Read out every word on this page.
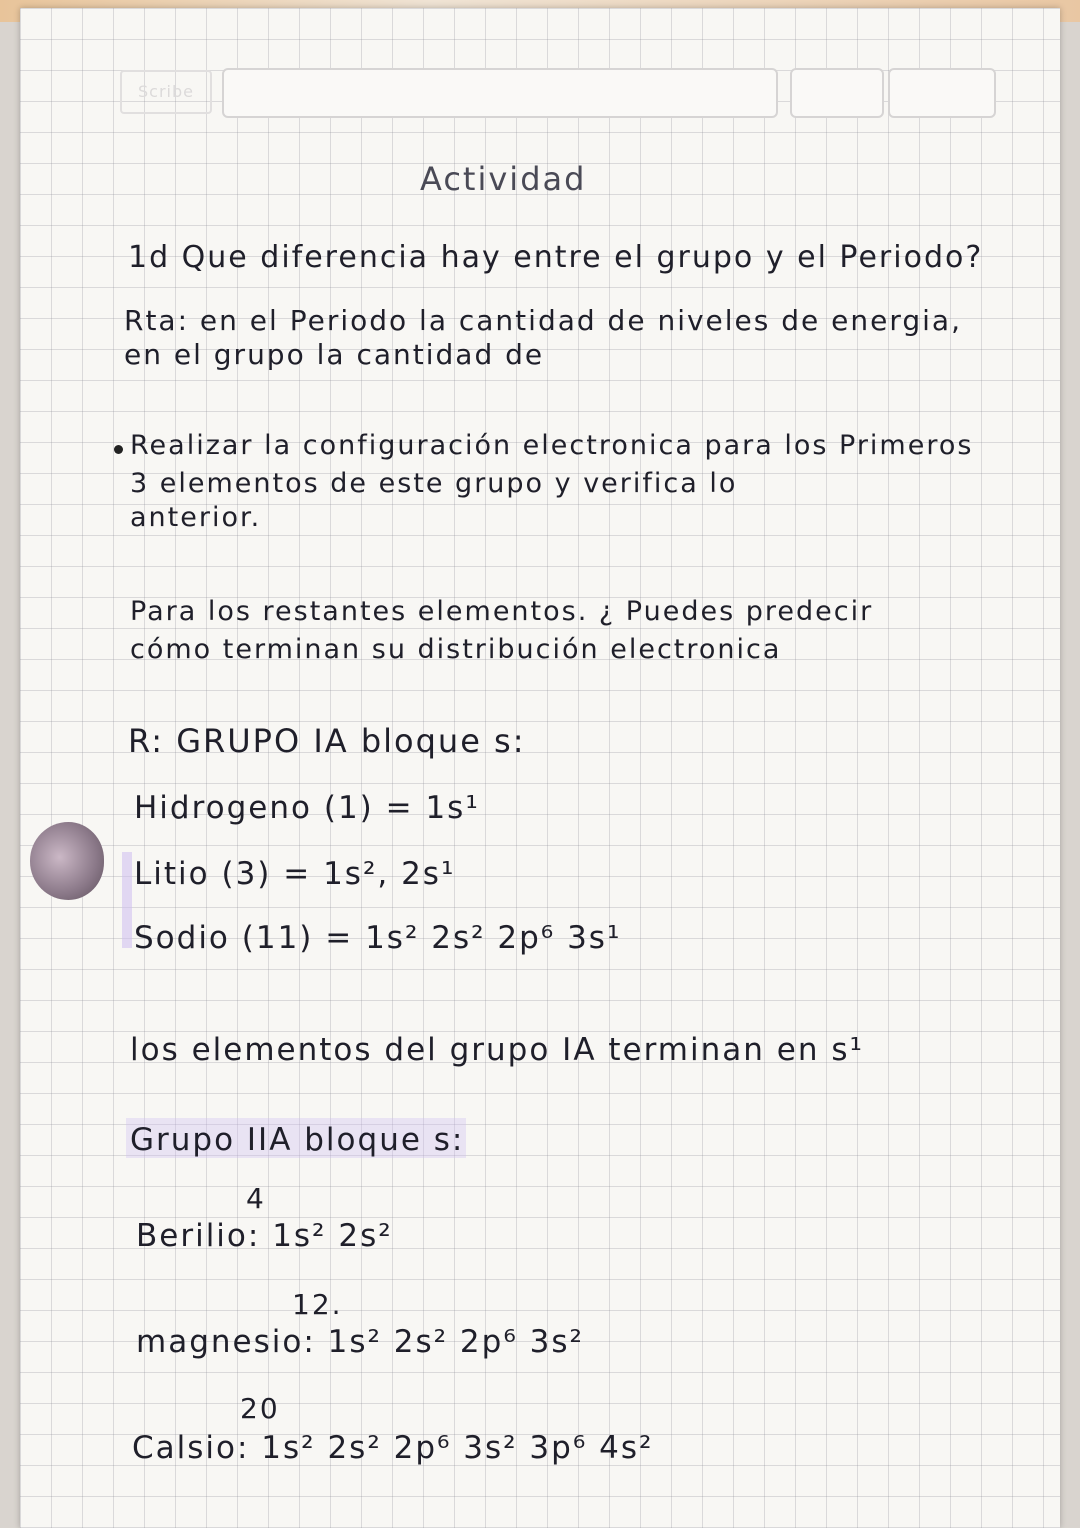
Scribe
Actividad
1d Que diferencia hay entre el grupo y el Periodo?
Rta: en el Periodo la cantidad de niveles de energia,
en el grupo la cantidad de
Realizar la configuración electronica para los Primeros
3 elementos de este grupo y verifica lo
anterior.
Para los restantes elementos. ¿ Puedes predecir
cómo terminan su distribución electronica
R: GRUPO IA bloque s:
Hidrogeno (1) = 1s¹
Litio (3) = 1s², 2s¹
Sodio (11) = 1s² 2s² 2p⁶ 3s¹
los elementos del grupo IA terminan en s¹
Grupo IIA bloque s:
4
Berilio: 1s² 2s²
12.
magnesio: 1s² 2s² 2p⁶ 3s²
20
Calsio: 1s² 2s² 2p⁶ 3s² 3p⁶ 4s²
